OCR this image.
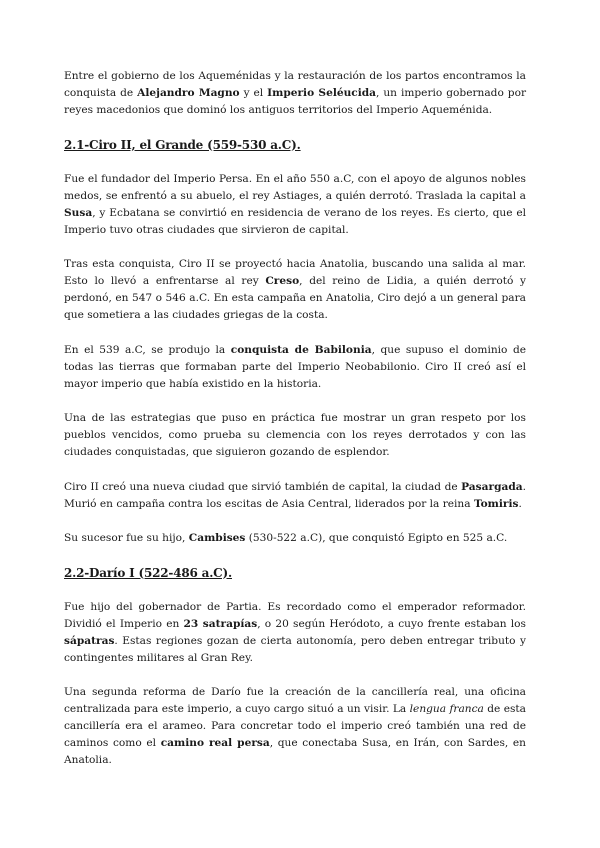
Entre el gobierno de los Aqueménidas y la restauración de los partos encontramos la conquista de Alejandro Magno y el Imperio Seléucida, un imperio gobernado por reyes macedonios que dominó los antiguos territorios del Imperio Aqueménida.

2.1-Ciro II, el Grande (559-530 a.C).

Fue el fundador del Imperio Persa. En el año 550 a.C, con el apoyo de algunos nobles medos, se enfrentó a su abuelo, el rey Astiages, a quién derrotó. Traslada la capital a Susa, y Ecbatana se convirtió en residencia de verano de los reyes. Es cierto, que el Imperio tuvo otras ciudades que sirvieron de capital.

Tras esta conquista, Ciro II se proyectó hacia Anatolia, buscando una salida al mar. Esto lo llevó a enfrentarse al rey Creso, del reino de Lidia, a quién derrotó y perdonó, en 547 o 546 a.C. En esta campaña en Anatolia, Ciro dejó a un general para que sometiera a las ciudades griegas de la costa.

En el 539 a.C, se produjo la conquista de Babilonia, que supuso el dominio de todas las tierras que formaban parte del Imperio Neobabilonio. Ciro II creó así el mayor imperio que había existido en la historia.

Una de las estrategias que puso en práctica fue mostrar un gran respeto por los pueblos vencidos, como prueba su clemencia con los reyes derrotados y con las ciudades conquistadas, que siguieron gozando de esplendor.

Ciro II creó una nueva ciudad que sirvió también de capital, la ciudad de Pasargada. Murió en campaña contra los escitas de Asia Central, liderados por la reina Tomiris.

Su sucesor fue su hijo, Cambises (530-522 a.C), que conquistó Egipto en 525 a.C.

2.2-Darío I (522-486 a.C).

Fue hijo del gobernador de Partia. Es recordado como el emperador reformador. Dividió el Imperio en 23 satrapías, o 20 según Heródoto, a cuyo frente estaban los sápatras. Estas regiones gozan de cierta autonomía, pero deben entregar tributo y contingentes militares al Gran Rey.

Una segunda reforma de Darío fue la creación de la cancillería real, una oficina centralizada para este imperio, a cuyo cargo situó a un visir. La lengua franca de esta cancillería era el arameo. Para concretar todo el imperio creó también una red de caminos como el camino real persa, que conectaba Susa, en Irán, con Sardes, en Anatolia.
